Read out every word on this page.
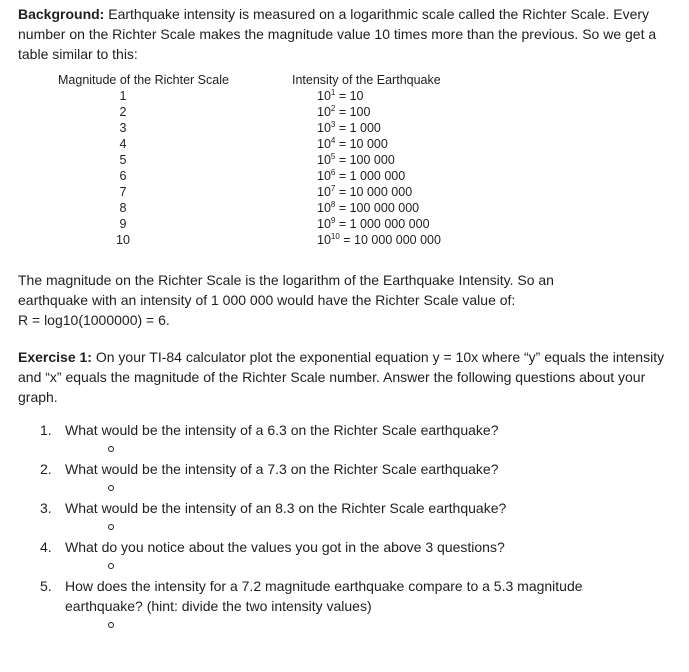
Background: Earthquake intensity is measured on a logarithmic scale called the Richter Scale. Every number on the Richter Scale makes the magnitude value 10 times more than the previous. So we get a table similar to this:

Magnitude of the Richter Scale
1
2
3
4
5
6
7
8
9
10
Intensity of the Earthquake
$10^1 = 10$
$10^2 = 100$
$10^3 = 1$ 000
$10^4 = 10$ 000
$10^5 = 100$ 000
$10^6 = 1$ 000 000
$10^7 = 10$ 000 000
$10^8 = 100$ 000 000
$10^9 = 1$ 000 000 000
$10^{10} = 10$ 000 000 000

The magnitude on the Richter Scale is the logarithm of the Earthquake Intensity. So an earthquake with an intensity of 1 000 000 would have the Richter Scale value of:
R = log10(1000000) = 6.

Exercise 1: On your TI-84 calculator plot the exponential equation y = 10x where “y” equals the intensity and “x” equals the magnitude of the Richter Scale number. Answer the following questions about your graph.

1. What would be the intensity of a 6.3 on the Richter Scale earthquake?
2. What would be the intensity of a 7.3 on the Richter Scale earthquake?
3. What would be the intensity of an 8.3 on the Richter Scale earthquake?
4. What do you notice about the values you got in the above 3 questions?
5. How does the intensity for a 7.2 magnitude earthquake compare to a 5.3 magnitude earthquake? (hint: divide the two intensity values)
